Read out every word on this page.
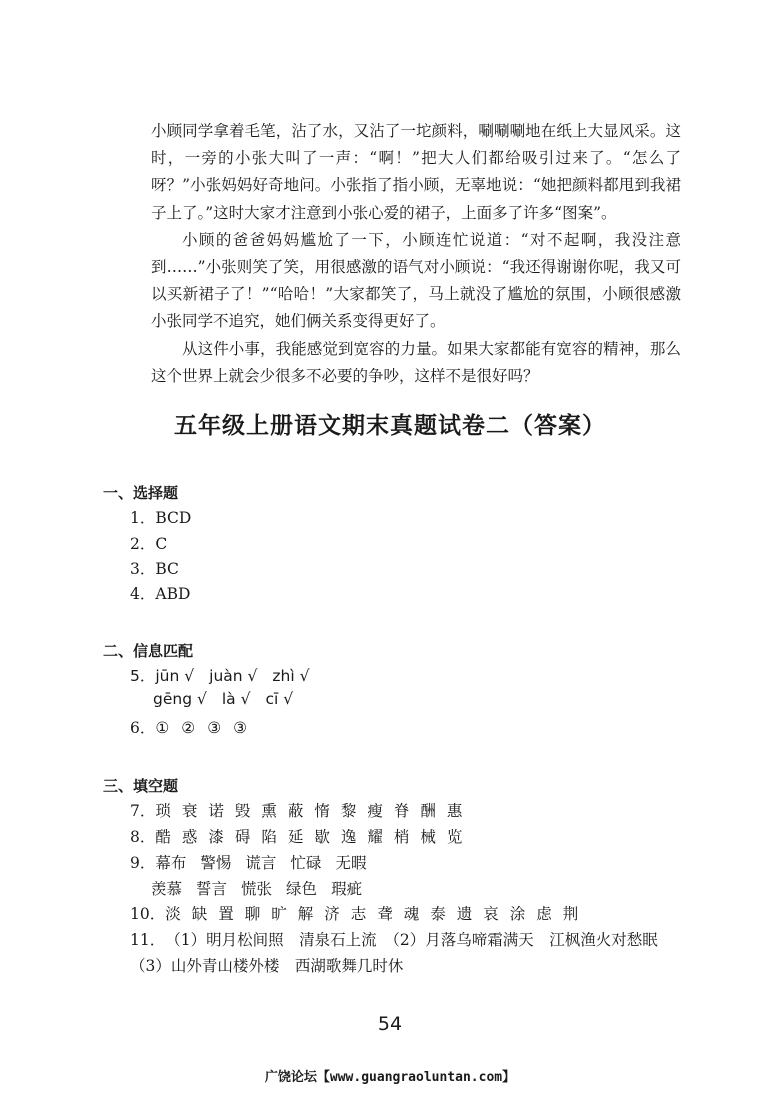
小顾同学拿着毛笔，沾了水，又沾了一坨颜料，唰唰唰地在纸上大显风采。这时，一旁的小张大叫了一声：“啊！”把大人们都给吸引过来了。“怎么了呀？”小张妈妈好奇地问。小张指了指小顾，无辜地说：“她把颜料都甩到我裙子上了。”这时大家才注意到小张心爱的裙子，上面多了许多“图案”。

小顾的爸爸妈妈尴尬了一下，小顾连忙说道：“对不起啊，我没注意到……”小张则笑了笑，用很感激的语气对小顾说：“我还得谢谢你呢，我又可以买新裙子了！”“哈哈！”大家都笑了，马上就没了尴尬的氛围，小顾很感激小张同学不追究，她们俩关系变得更好了。

从这件小事，我能感觉到宽容的力量。如果大家都能有宽容的精神，那么这个世界上就会少很多不必要的争吵，这样不是很好吗？

五年级上册语文期末真题试卷二（答案）
一、选择题
1．BCD
2．C
3．BC
4．ABD
二、信息匹配
5．jūn √ juàn √ zhì √
gēng √ là √ cī √
6．① ② ③ ③
三、填空题
7．琐 衰 诺 毁 熏 蔽 惰 黎 瘦 脊 酬 惠
8．酷 惑 漆 碍 陷 延 歇 逸 耀 梢 械 览
9．幕布 警惕 谎言 忙碌 无暇
羡慕 誓言 慌张 绿色 瑕疵
10．淡 缺 置 聊 旷 解 济 志 聋 魂 泰 遗 哀 涂 虑 荆
11．（1）明月松间照　清泉石上流　（2）月落乌啼霜满天　江枫渔火对愁眠
（3）山外青山楼外楼　西湖歌舞几时休
54
广饶论坛【www.guangraoluntan.com】
